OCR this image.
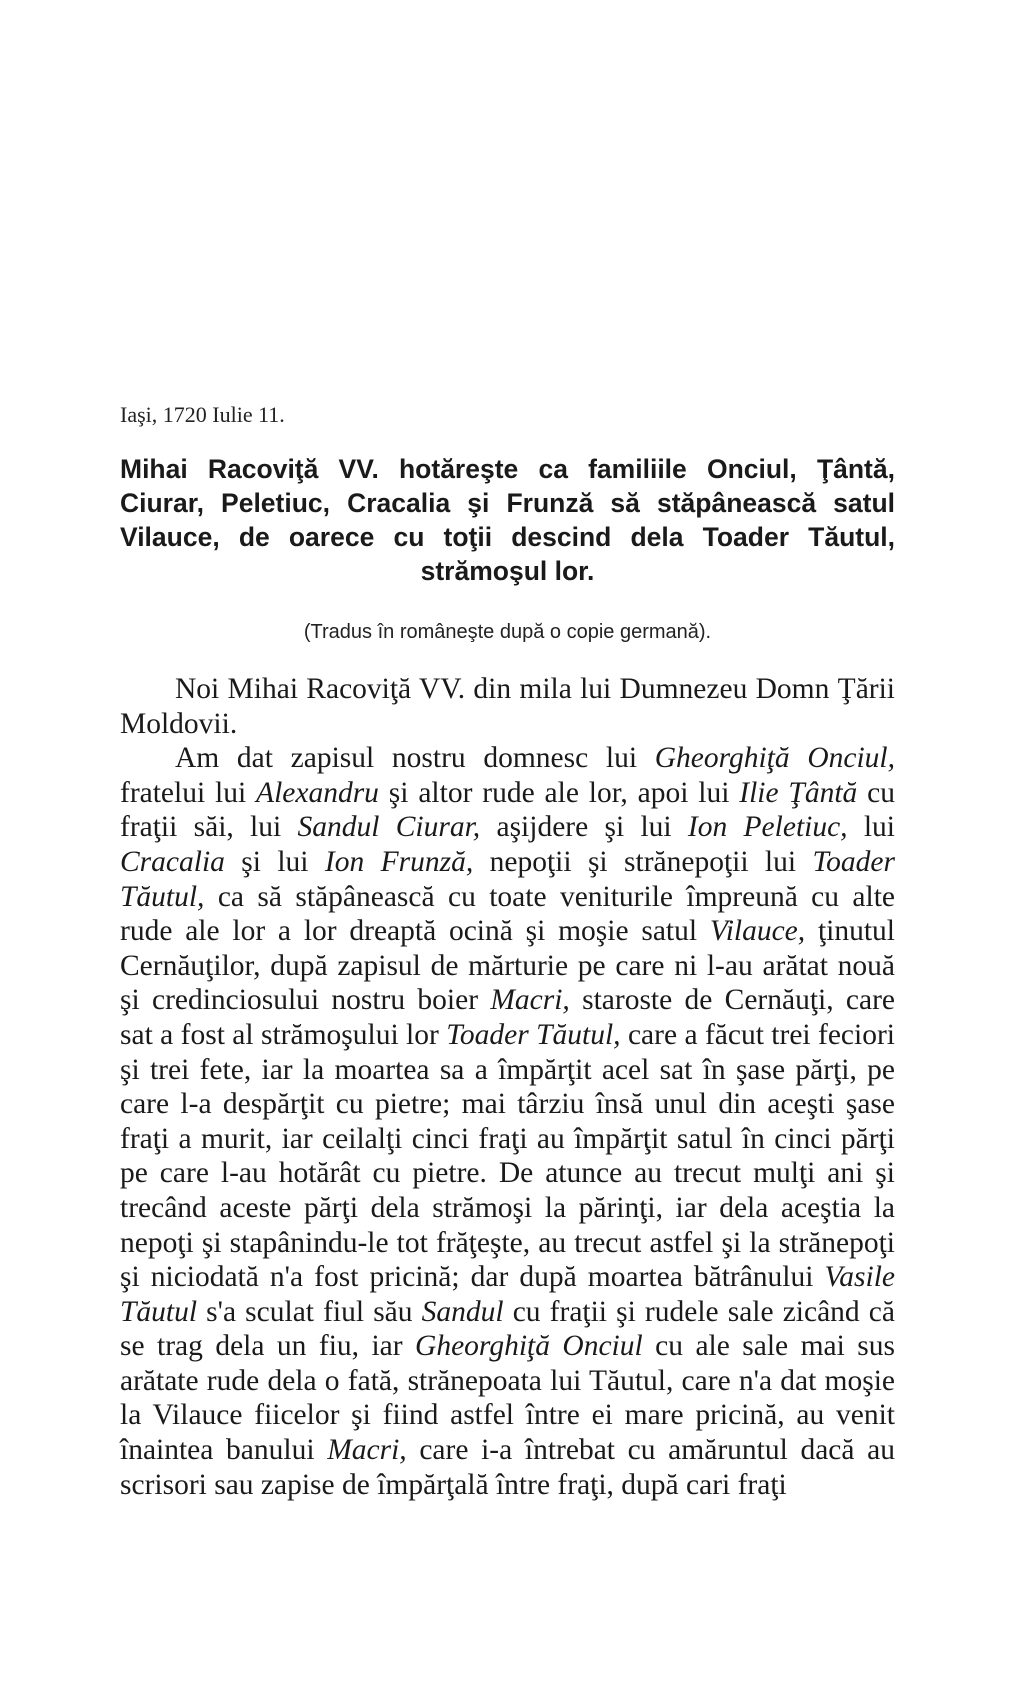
Iaşi, 1720 Iulie 11.

Mihai Racoviţă VV. hotăreşte ca familiile Onciul, Ţântă, Ciurar, Peletiuc, Cracalia şi Frunză să stăpânească satul Vilauce, de oarece cu toţii descind dela Toader Tăutul, strămoşul lor.

(Tradus în româneşte după o copie germană).

Noi Mihai Racoviţă VV. din mila lui Dumnezeu Domn Ţării Moldovii.

Am dat zapisul nostru domnesc lui Gheorghiţă Onciul, fratelui lui Alexandru şi altor rude ale lor, apoi lui Ilie Ţântă cu fraţii săi, lui Sandul Ciurar, aşijdere şi lui Ion Peletiuc, lui Cracalia şi lui Ion Frunză, nepoţii şi strănepoţii lui Toader Tăutul, ca să stăpânească cu toate veniturile împreună cu alte rude ale lor a lor dreaptă ocină şi moşie satul Vilauce, ţinutul Cernăuţilor, după zapisul de mărturie pe care ni l-au arătat nouă şi credinciosului nostru boier Macri, staroste de Cernăuţi, care sat a fost al strămoşului lor Toader Tăutul, care a făcut trei feciori şi trei fete, iar la moartea sa a împărţit acel sat în şase părţi, pe care l-a despărţit cu pietre; mai târziu însă unul din aceşti şase fraţi a murit, iar ceilalţi cinci fraţi au împărţit satul în cinci părţi pe care l-au hotărât cu pietre. De atunce au trecut mulţi ani şi trecând aceste părţi dela strămoşi la părinţi, iar dela aceştia la nepoţi şi stapânindu-le tot frăţeşte, au trecut astfel şi la strănepoţi şi niciodată n'a fost pricină; dar după moartea bătrânului Vasile Tăutul s'a sculat fiul său Sandul cu fraţii şi rudele sale zicând că se trag dela un fiu, iar Gheorghiţă Onciul cu ale sale mai sus arătate rude dela o fată, strănepoata lui Tăutul, care n'a dat moşie la Vilauce fiicelor şi fiind astfel între ei mare pricină, au venit înaintea banului Macri, care i-a întrebat cu amăruntul dacă au scrisori sau zapise de împărţală între fraţi, după cari fraţi
